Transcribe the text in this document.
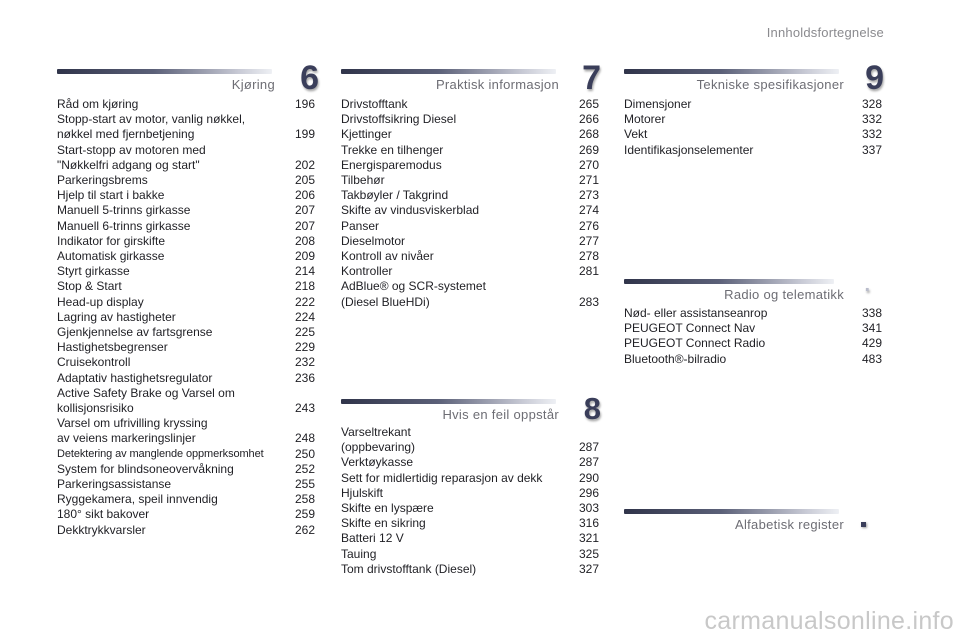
Innholdsfortegnelse
Kjøring 6
Råd om kjøring	196
Stopp-start av motor, vanlig nøkkel,
nøkkel med fjernbetjening	199
Start-stopp av motoren med
"Nøkkelfri adgang og start"	202
Parkeringsbrems	205
Hjelp til start i bakke	206
Manuell 5-trinns girkasse	207
Manuell 6-trinns girkasse	207
Indikator for girskifte	208
Automatisk girkasse	209
Styrt girkasse	214
Stop & Start	218
Head-up display	222
Lagring av hastigheter	224
Gjenkjennelse av fartsgrense	225
Hastighetsbegrenser	229
Cruisekontroll	232
Adaptativ hastighetsregulator	236
Active Safety Brake og Varsel om
kollisjonsrisiko	243
Varsel om ufrivilling kryssing
av veiens markeringslinjer	248
Detektering av manglende oppmerksomhet	250
System for blindsoneovervåkning	252
Parkeringsassistanse	255
Ryggekamera, speil innvendig	258
180° sikt bakover	259
Dekktrykkvarsler	262
Praktisk informasjon 7
Drivstofftank	265
Drivstoffsikring Diesel	266
Kjettinger	268
Trekke en tilhenger	269
Energisparemodus	270
Tilbehør	271
Takbøyler / Takgrind	273
Skifte av vindusviskerblad	274
Panser	276
Dieselmotor	277
Kontroll av nivåer	278
Kontroller	281
AdBlue® og SCR-systemet
(Diesel BlueHDi)	283
Hvis en feil oppstår 8
Varseltrekant
(oppbevaring)	287
Verktøykasse	287
Sett for midlertidig reparasjon av dekk	290
Hjulskift	296
Skifte en lyspære	303
Skifte en sikring	316
Batteri 12 V	321
Tauing	325
Tom drivstofftank (Diesel)	327
Tekniske spesifikasjoner 9
Dimensjoner	328
Motorer	332
Vekt	332
Identifikasjonselementer	337
Radio og telematikk .
Nød- eller assistanseanrop	338
PEUGEOT Connect Nav	341
PEUGEOT Connect Radio	429
Bluetooth®-bilradio	483
Alfabetisk register
carmanualsonline.info
